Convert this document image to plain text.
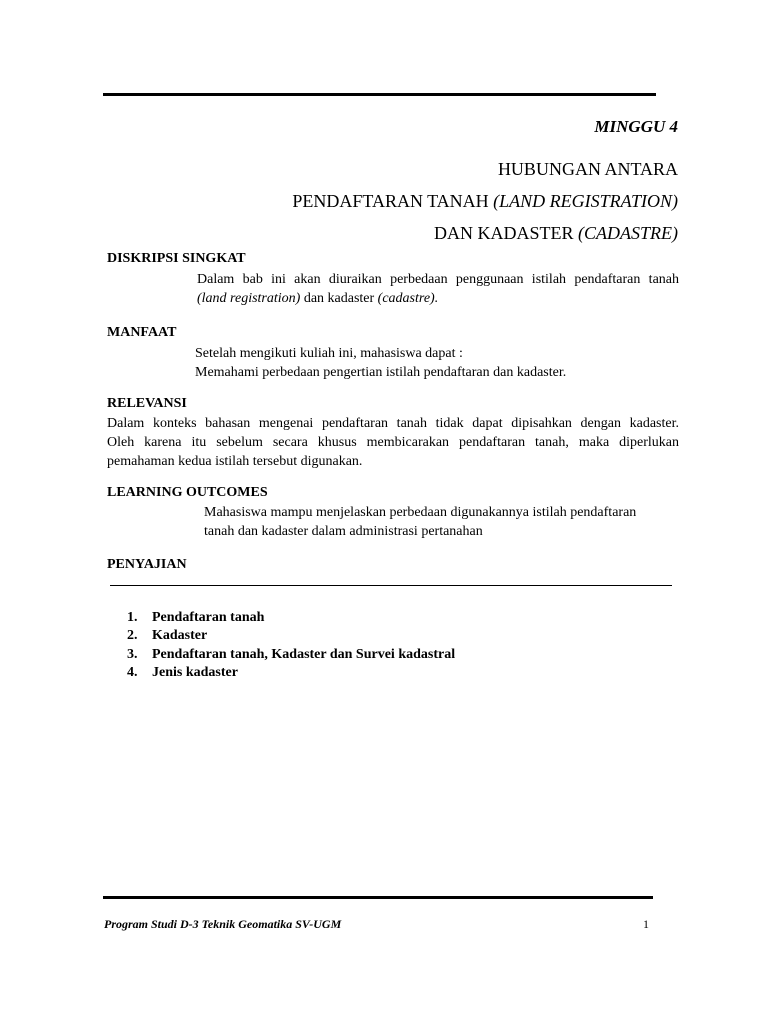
MINGGU 4
HUBUNGAN ANTARA
PENDAFTARAN TANAH (LAND REGISTRATION)
DAN KADASTER (CADASTRE)
DISKRIPSI SINGKAT
Dalam bab ini akan diuraikan perbedaan penggunaan istilah pendaftaran tanah
(land registration) dan kadaster (cadastre).
MANFAAT
Setelah mengikuti kuliah ini, mahasiswa dapat :
Memahami perbedaan pengertian istilah pendaftaran dan kadaster.
RELEVANSI
Dalam konteks bahasan mengenai pendaftaran tanah tidak dapat dipisahkan dengan kadaster.
Oleh karena itu sebelum secara khusus membicarakan pendaftaran tanah, maka diperlukan
pemahaman kedua istilah tersebut digunakan.
LEARNING OUTCOMES
Mahasiswa mampu menjelaskan perbedaan digunakannya istilah pendaftaran
tanah dan kadaster dalam administrasi pertanahan
PENYAJIAN
1.	Pendaftaran tanah
2.	Kadaster
3.	Pendaftaran tanah, Kadaster dan Survei kadastral
4.	Jenis kadaster
Program Studi D-3 Teknik Geomatika SV-UGM	1
